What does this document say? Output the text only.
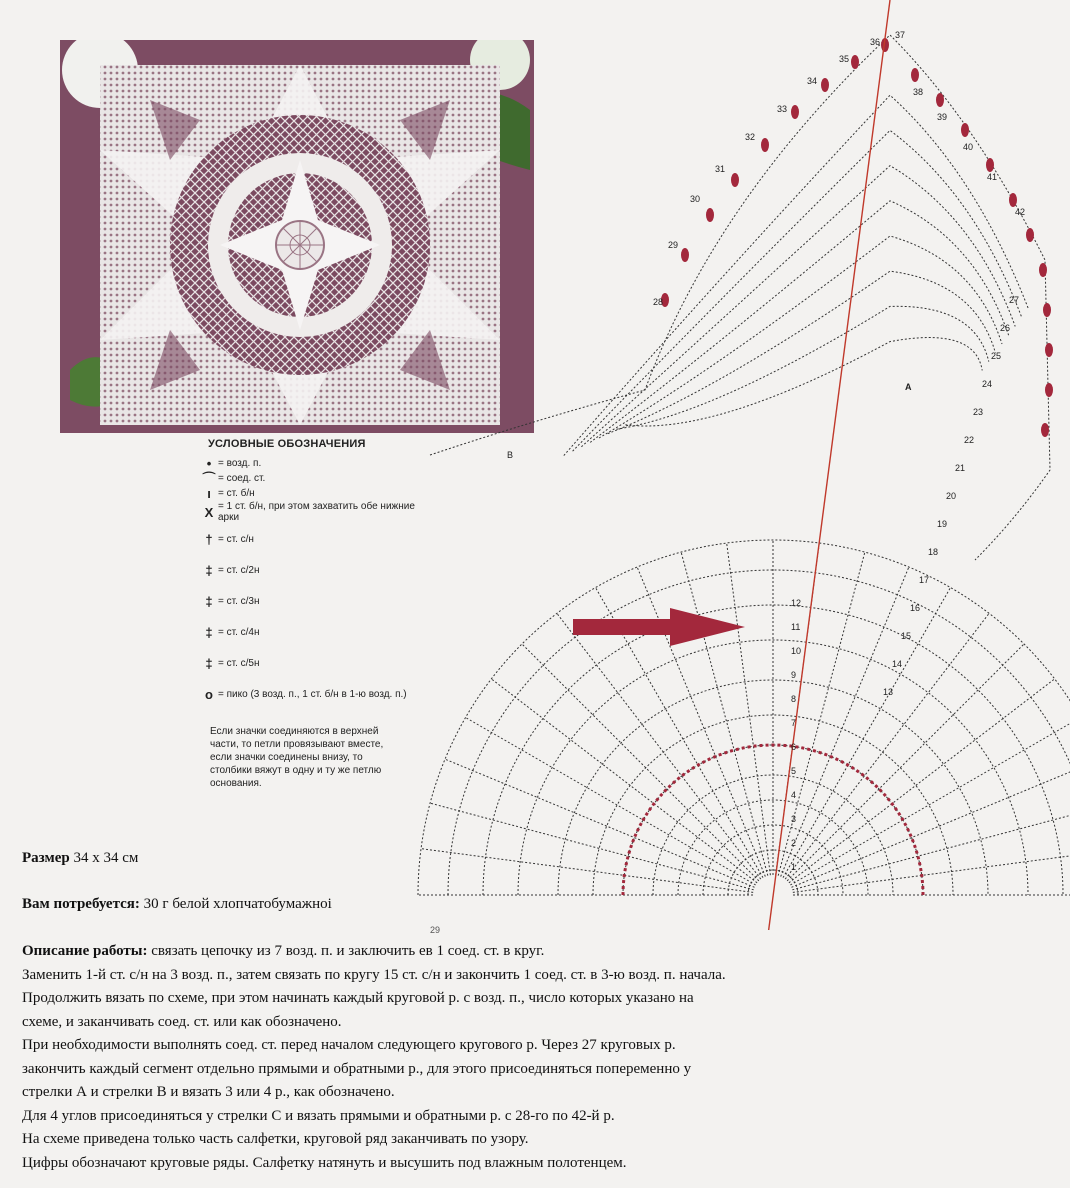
УСЛОВНЫЕ ОБОЗНАЧЕНИЯ
• = возд. п.
⌒ = соед. ст.
ı = ст. б/н
X = 1 ст. б/н, при этом захватить обе нижние арки
† = ст. с/н
‡ = ст. с/2н
‡ = ст. с/3н
‡ = ст. с/4н
‡ = ст. с/5н
o = пико (3 возд. п., 1 ст. б/н в 1-ю возд. п.)
Если значки соединяются в верхней части, то петли провязывают вместе, если значки соединены внизу, то столбики вяжут в одну и ту же петлю основания.
1
2
3
4
5
6
7
8
9
10
11
12
13
14
15
16
17
18
19
20
21
22
23
24
25
26
27
28
29
30
31
32
33
34
35
36
37
38
39
40
41
42
A
B
29
Размер 34 х 34 см
Вам потребуется: 30 г белой хлопчатобумажноі

Описание работы: связать цепочку из 7 возд. п. и заключить ев 1 соед. ст. в круг.

Заменить 1-й ст. с/н на 3 возд. п., затем связать по кругу 15 ст. с/н и закончить 1 соед. ст. в 3-ю возд. п. начала.

Продолжить вязать по схеме, при этом начинать каждый круговой р. с возд. п., число которых указано на

схеме, и заканчивать соед. ст. или как обозначено.

При необходимости выполнять соед. ст. перед началом следующего кругового р. Через 27 круговых р.

закончить каждый сегмент отдельно прямыми и обратными р., для этого присоединяться попеременно у

стрелки А и стрелки В и вязать 3 или 4 р., как обозначено.

Для 4 углов присоединяться у стрелки С и вязать прямыми и обратными р. с 28-го по 42-й р.

На схеме приведена только часть салфетки, круговой ряд заканчивать по узору.

Цифры обозначают круговые ряды. Салфетку натянуть и высушить под влажным полотенцем.
